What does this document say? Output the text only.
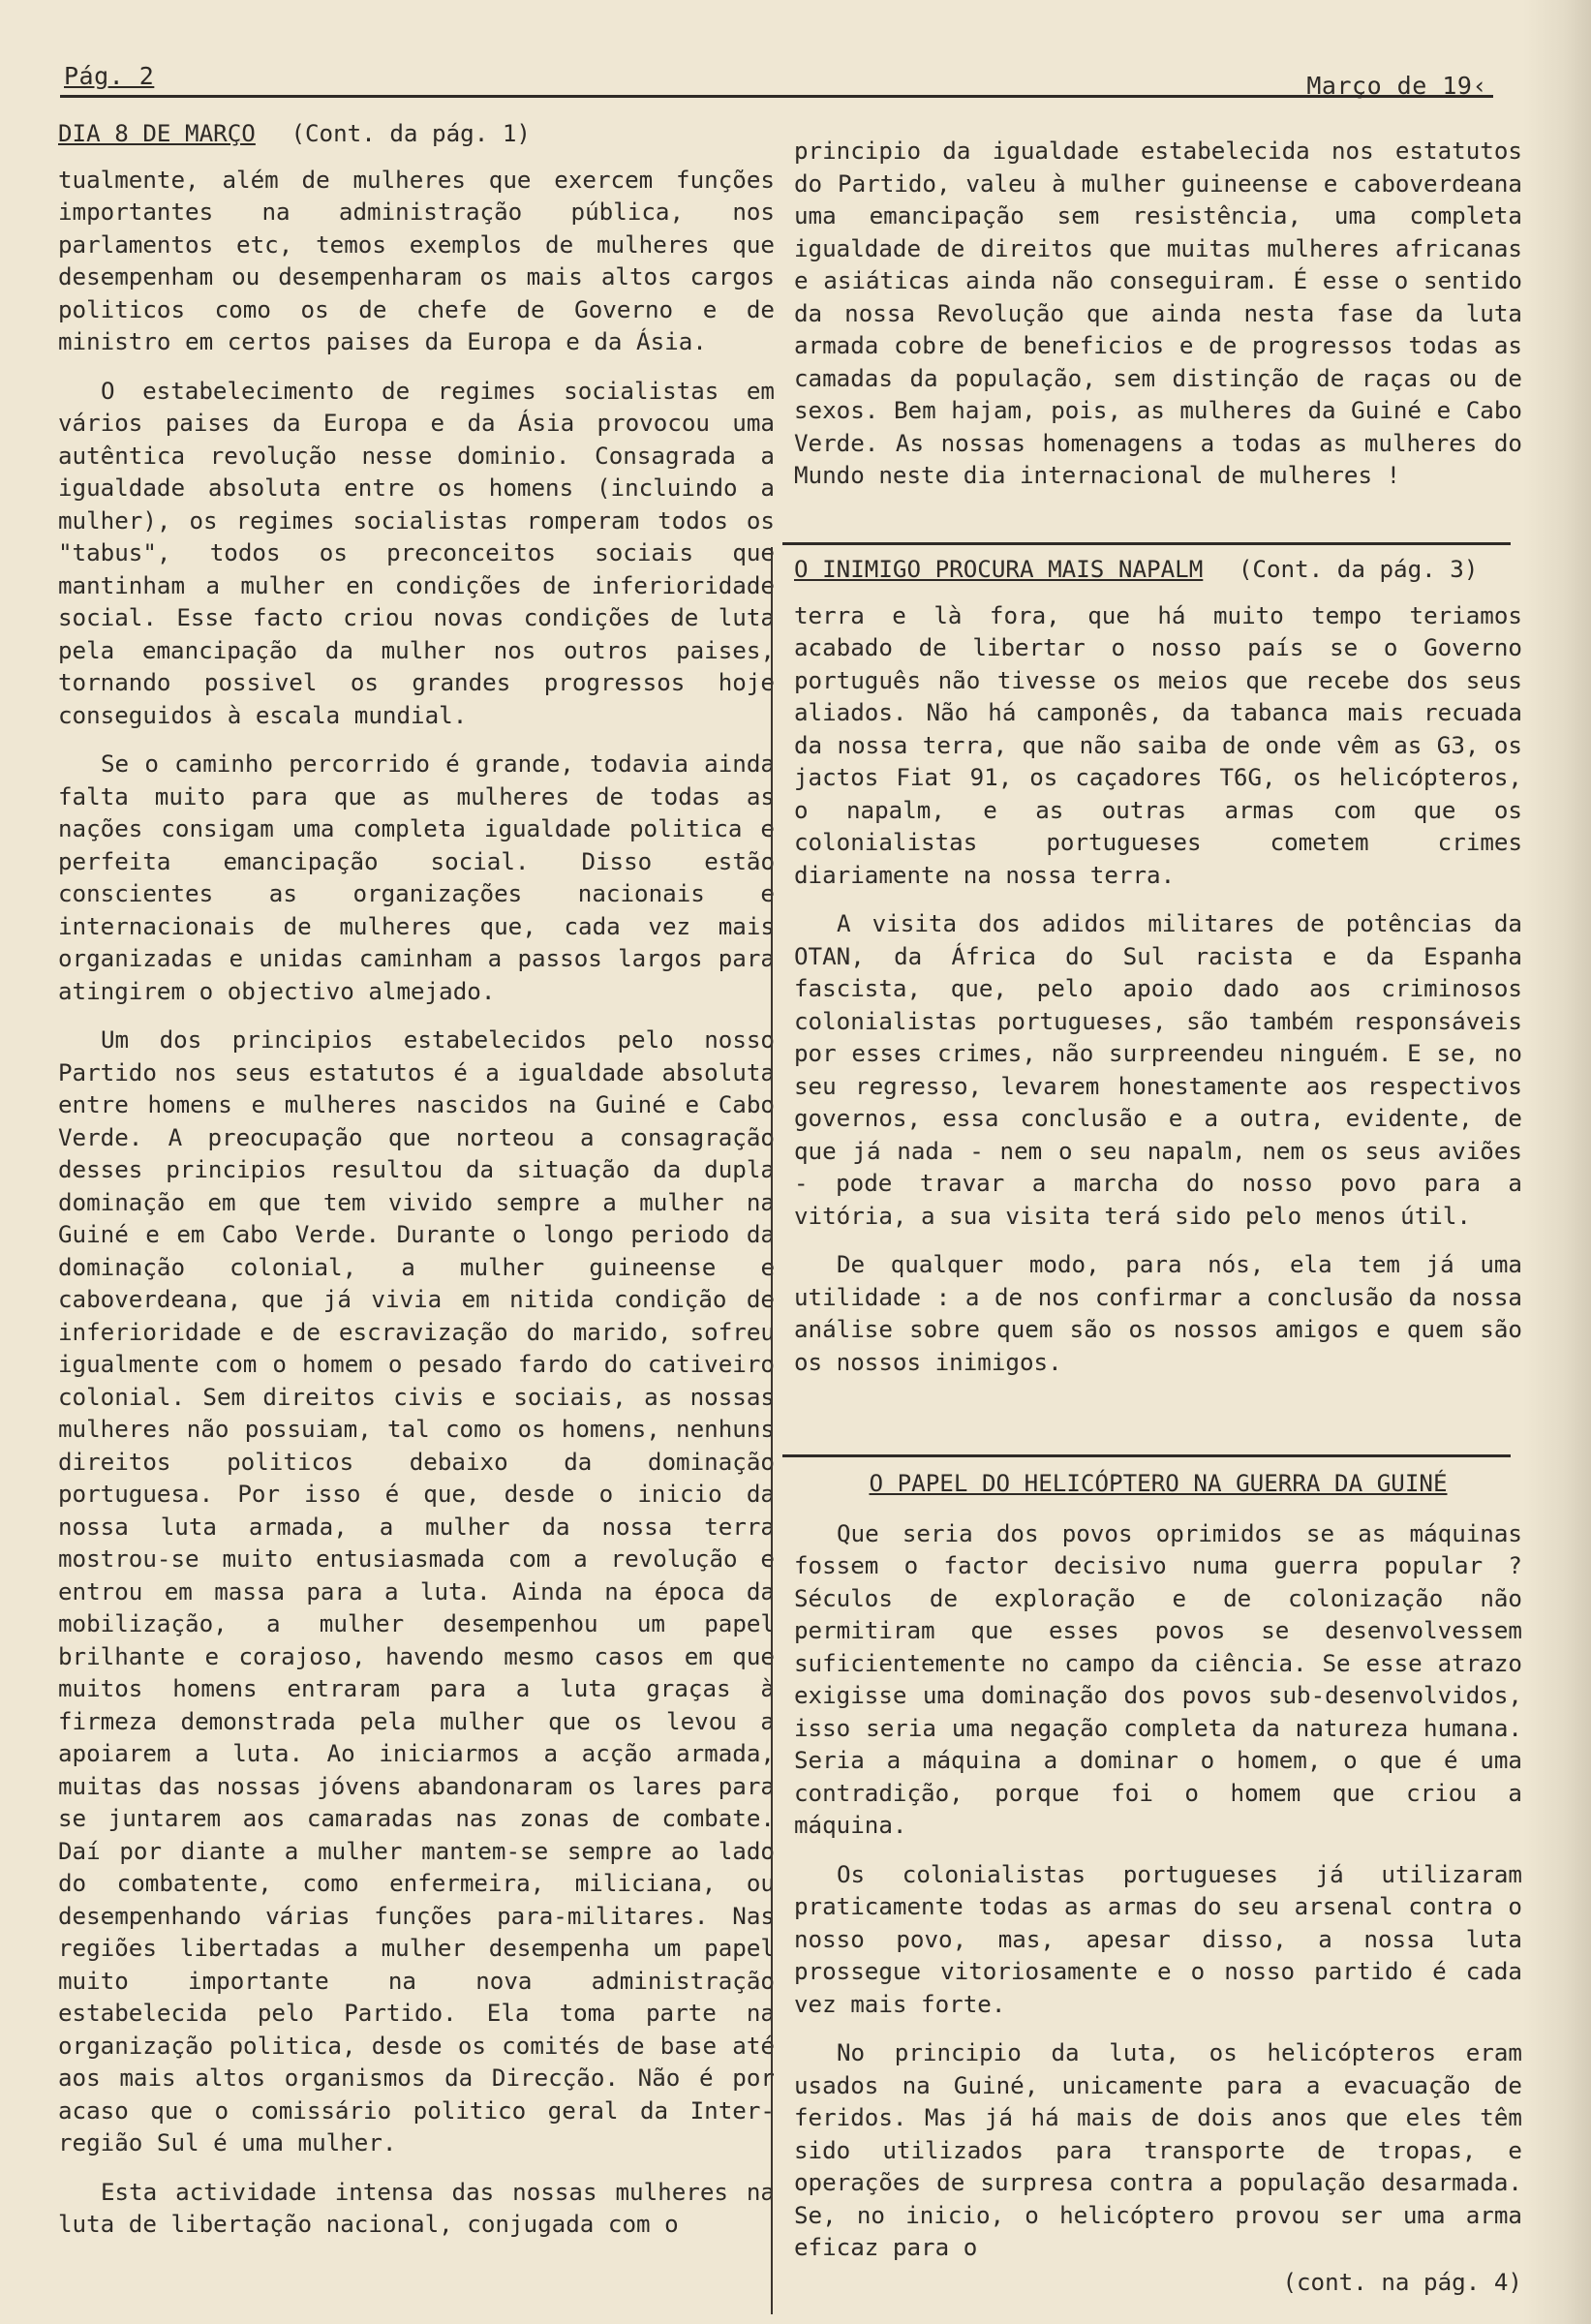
Pág. 2	Março de 19‹
DIA 8 DE MARÇO (Cont. da pág. 1)

tualmente, além de mulheres que exercem funções importantes na administração pública, nos parlamentos etc, temos exemplos de mulheres que desempenham ou desempenharam os mais altos cargos politicos como os de chefe de Governo e de ministro em certos paises da Europa e da Ásia.

O estabelecimento de regimes socialistas em vários paises da Europa e da Ásia provocou uma autêntica revolução nesse dominio. Consagrada a igualdade absoluta entre os homens (incluindo a mulher), os regimes socialistas romperam todos os "tabus", todos os preconceitos sociais que mantinham a mulher en condições de inferioridade social. Esse facto criou novas condições de luta pela emancipação da mulher nos outros paises, tornando possivel os grandes progressos hoje conseguidos à escala mundial.

Se o caminho percorrido é grande, todavia ainda falta muito para que as mulheres de todas as nações consigam uma completa igualdade politica e perfeita emancipação social. Disso estão conscientes as organizações nacionais e internacionais de mulheres que, cada vez mais organizadas e unidas caminham a passos largos para atingirem o objectivo almejado.

Um dos principios estabelecidos pelo nosso Partido nos seus estatutos é a igualdade absoluta entre homens e mulheres nascidos na Guiné e Cabo Verde. A preocupação que norteou a consagração desses principios resultou da situação da dupla dominação em que tem vivido sempre a mulher na Guiné e em Cabo Verde. Durante o longo periodo da dominação colonial, a mulher guineense e caboverdeana, que já vivia em nitida condição de inferioridade e de escravização do marido, sofreu igualmente com o homem o pesado fardo do cativeiro colonial. Sem direitos civis e sociais, as nossas mulheres não possuiam, tal como os homens, nenhuns direitos politicos debaixo da dominação portuguesa. Por isso é que, desde o inicio da nossa luta armada, a mulher da nossa terra mostrou-se muito entusiasmada com a revolução e entrou em massa para a luta. Ainda na época da mobilização, a mulher desempenhou um papel brilhante e corajoso, havendo mesmo casos em que muitos homens entraram para a luta graças à firmeza demonstrada pela mulher que os levou a apoiarem a luta. Ao iniciarmos a acção armada, muitas das nossas jóvens abandonaram os lares para se juntarem aos camaradas nas zonas de combate. Daí por diante a mulher mantem-se sempre ao lado do combatente, como enfermeira, miliciana, ou desempenhando várias funções para-militares. Nas regiões libertadas a mulher desempenha um papel muito importante na nova administração estabelecida pelo Partido. Ela toma parte na organização politica, desde os comités de base até aos mais altos organismos da Direcção. Não é por acaso que o comissário politico geral da Inter-região Sul é uma mulher.

Esta actividade intensa das nossas mulheres na luta de libertação nacional, conjugada com o

principio da igualdade estabelecida nos estatutos do Partido, valeu à mulher guineense e caboverdeana uma emancipação sem resistência, uma completa igualdade de direitos que muitas mulheres africanas e asiáticas ainda não conseguiram. É esse o sentido da nossa Revolução que ainda nesta fase da luta armada cobre de beneficios e de progressos todas as camadas da população, sem distinção de raças ou de sexos. Bem hajam, pois, as mulheres da Guiné e Cabo Verde. As nossas homenagens a todas as mulheres do Mundo neste dia internacional de mulheres !

O INIMIGO PROCURA MAIS NAPALM (Cont. da pág. 3)

terra e là fora, que há muito tempo teriamos acabado de libertar o nosso país se o Governo português não tivesse os meios que recebe dos seus aliados. Não há camponês, da tabanca mais recuada da nossa terra, que não saiba de onde vêm as G3, os jactos Fiat 91, os caçadores T6G, os helicópteros, o napalm, e as outras armas com que os colonialistas portugueses cometem crimes diariamente na nossa terra.

A visita dos adidos militares de potências da OTAN, da África do Sul racista e da Espanha fascista, que, pelo apoio dado aos criminosos colonialistas portugueses, são também responsáveis por esses crimes, não surpreendeu ninguém. E se, no seu regresso, levarem honestamente aos respectivos governos, essa conclusão e a outra, evidente, de que já nada - nem o seu napalm, nem os seus aviões - pode travar a marcha do nosso povo para a vitória, a sua visita terá sido pelo menos útil.

De qualquer modo, para nós, ela tem já uma utilidade : a de nos confirmar a conclusão da nossa análise sobre quem são os nossos amigos e quem são os nossos inimigos.

O PAPEL DO HELICÓPTERO NA GUERRA DA GUINÉ

Que seria dos povos oprimidos se as máquinas fossem o factor decisivo numa guerra popular ? Séculos de exploração e de colonização não permitiram que esses povos se desenvolvessem suficientemente no campo da ciência. Se esse atrazo exigisse uma dominação dos povos sub-desenvolvidos, isso seria uma negação completa da natureza humana. Seria a máquina a dominar o homem, o que é uma contradição, porque foi o homem que criou a máquina.

Os colonialistas portugueses já utilizaram praticamente todas as armas do seu arsenal contra o nosso povo, mas, apesar disso, a nossa luta prossegue vitoriosamente e o nosso partido é cada vez mais forte.

No principio da luta, os helicópteros eram usados na Guiné, unicamente para a evacuação de feridos. Mas já há mais de dois anos que eles têm sido utilizados para transporte de tropas, e operações de surpresa contra a população desarmada. Se, no inicio, o helicóptero provou ser uma arma eficaz para o

(cont. na pág. 4)
